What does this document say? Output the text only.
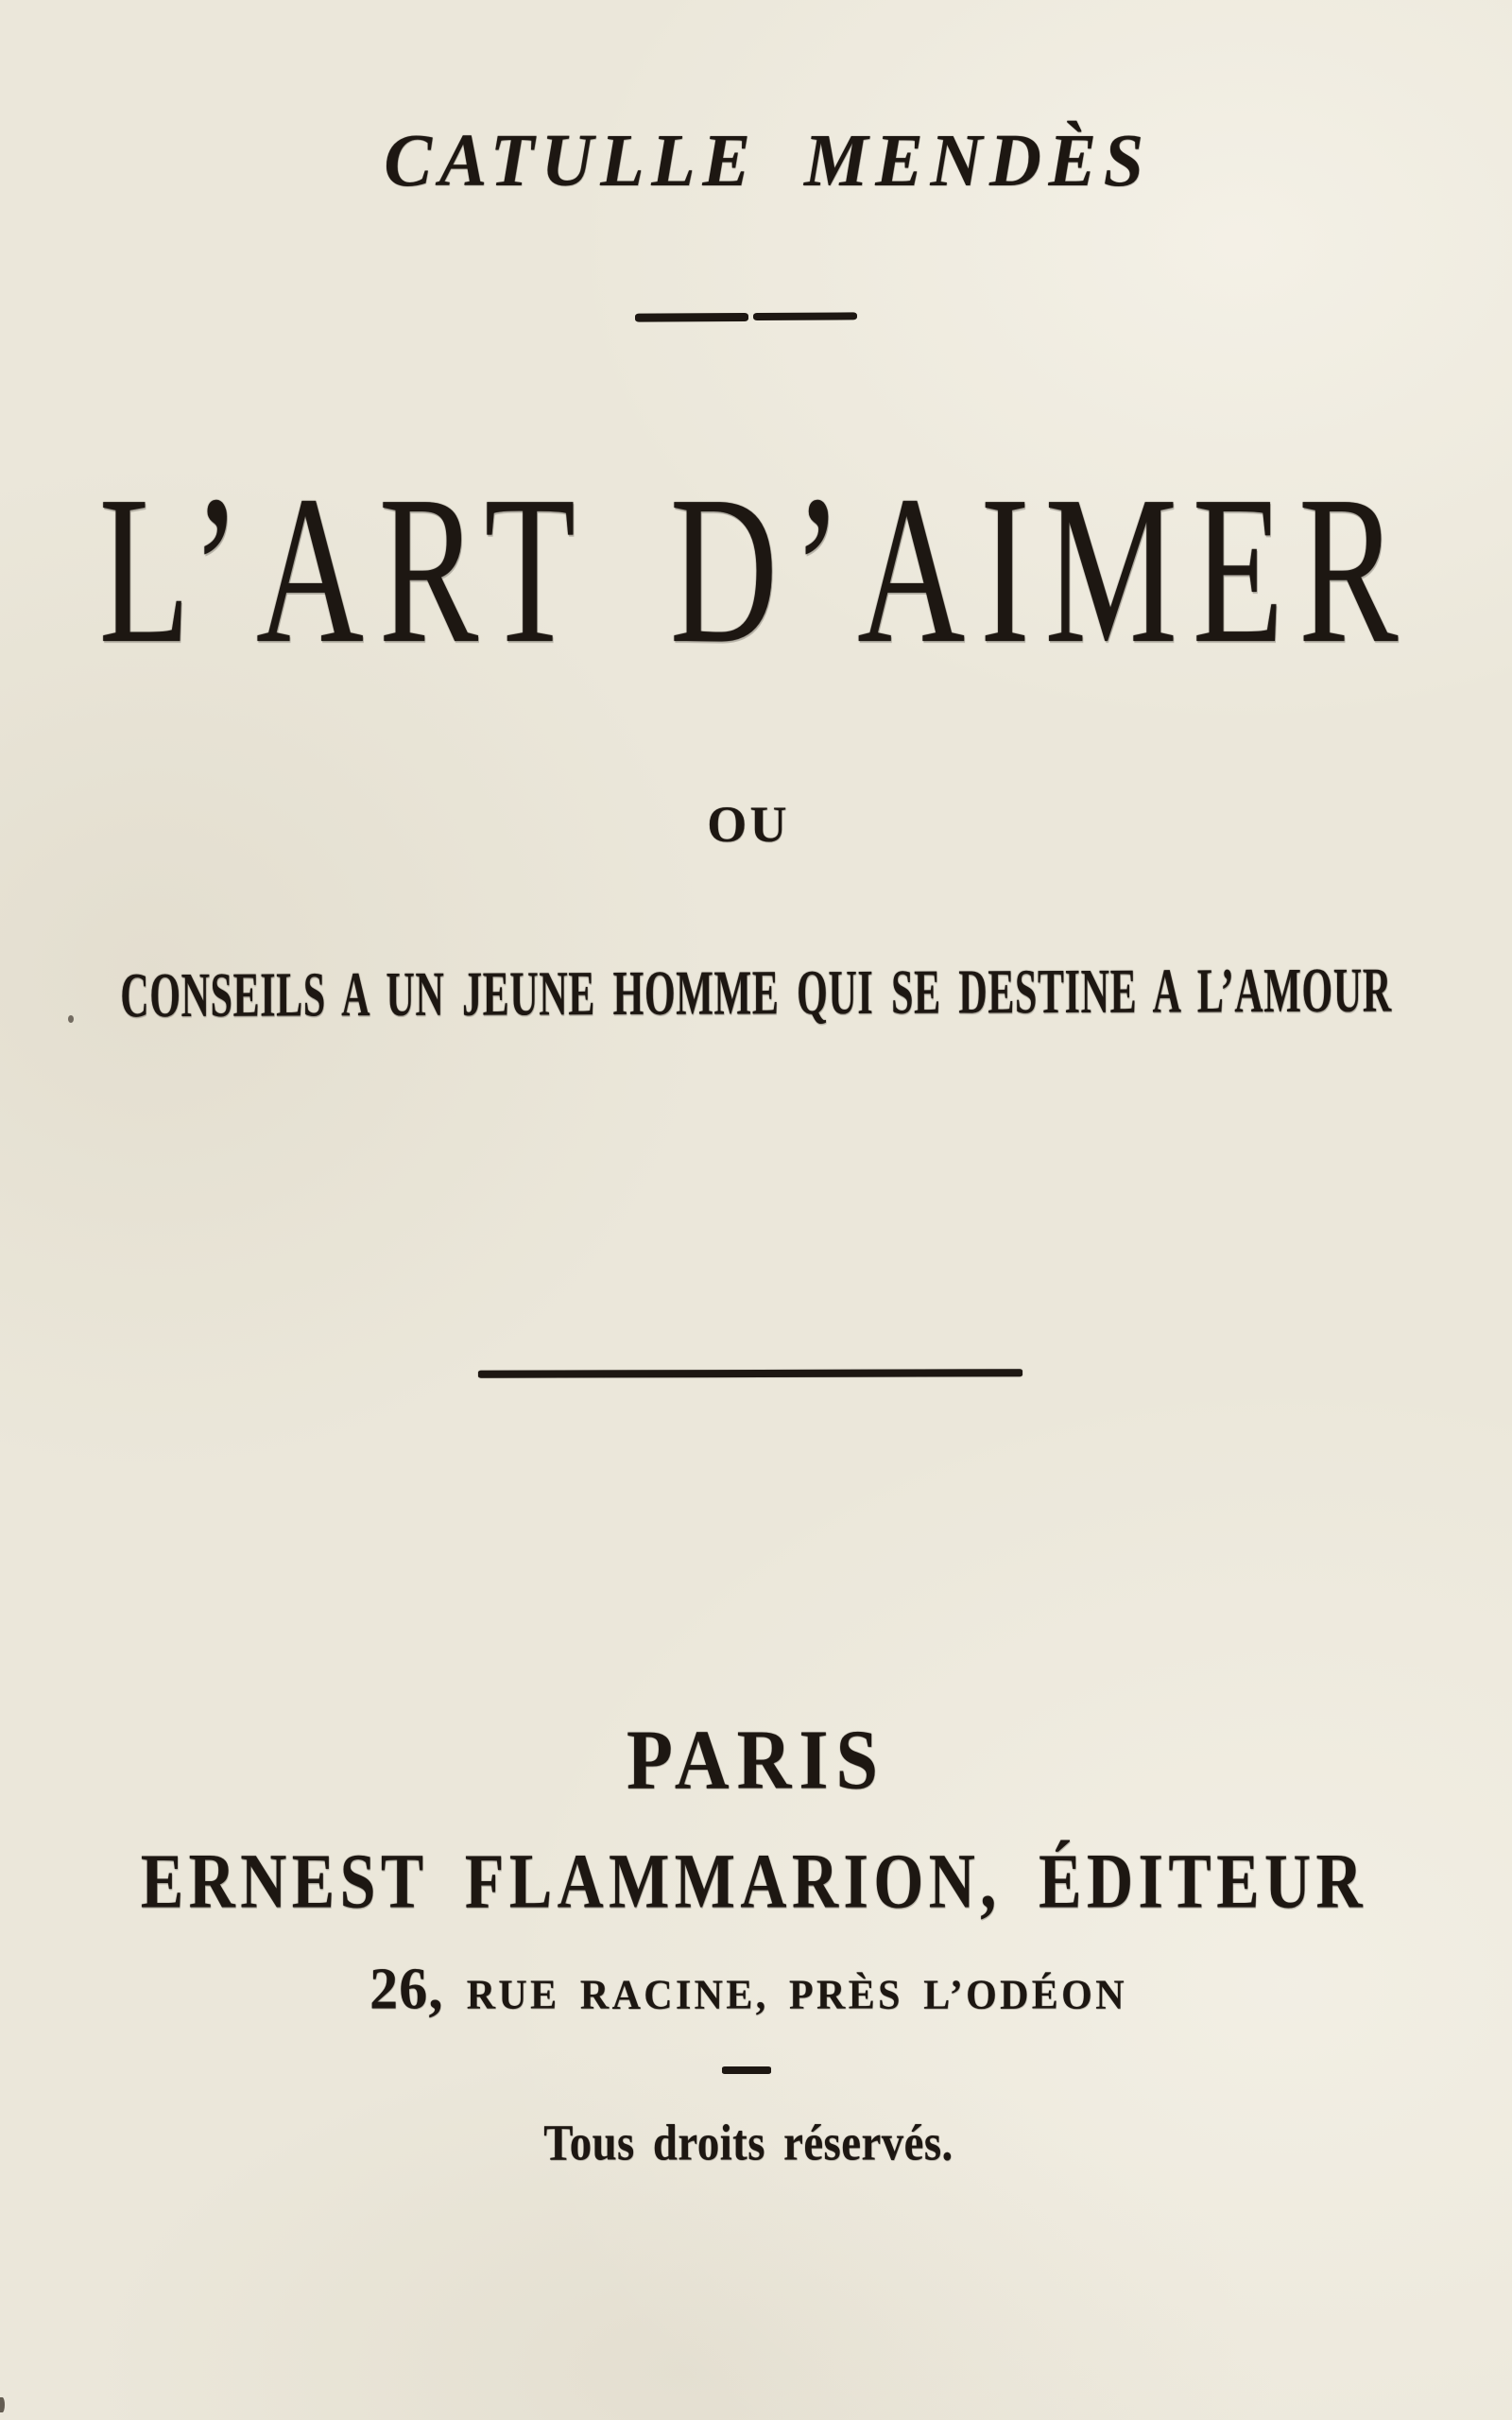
CATULLE MENDÈS
L’ART D’AIMER
OU
CONSEILS A UN JEUNE HOMME QUI SE DESTINE A L’AMOUR
PARIS
ERNEST FLAMMARION, ÉDITEUR
26, RUE RACINE, PRÈS L’ODÉON
Tous droits réservés.
